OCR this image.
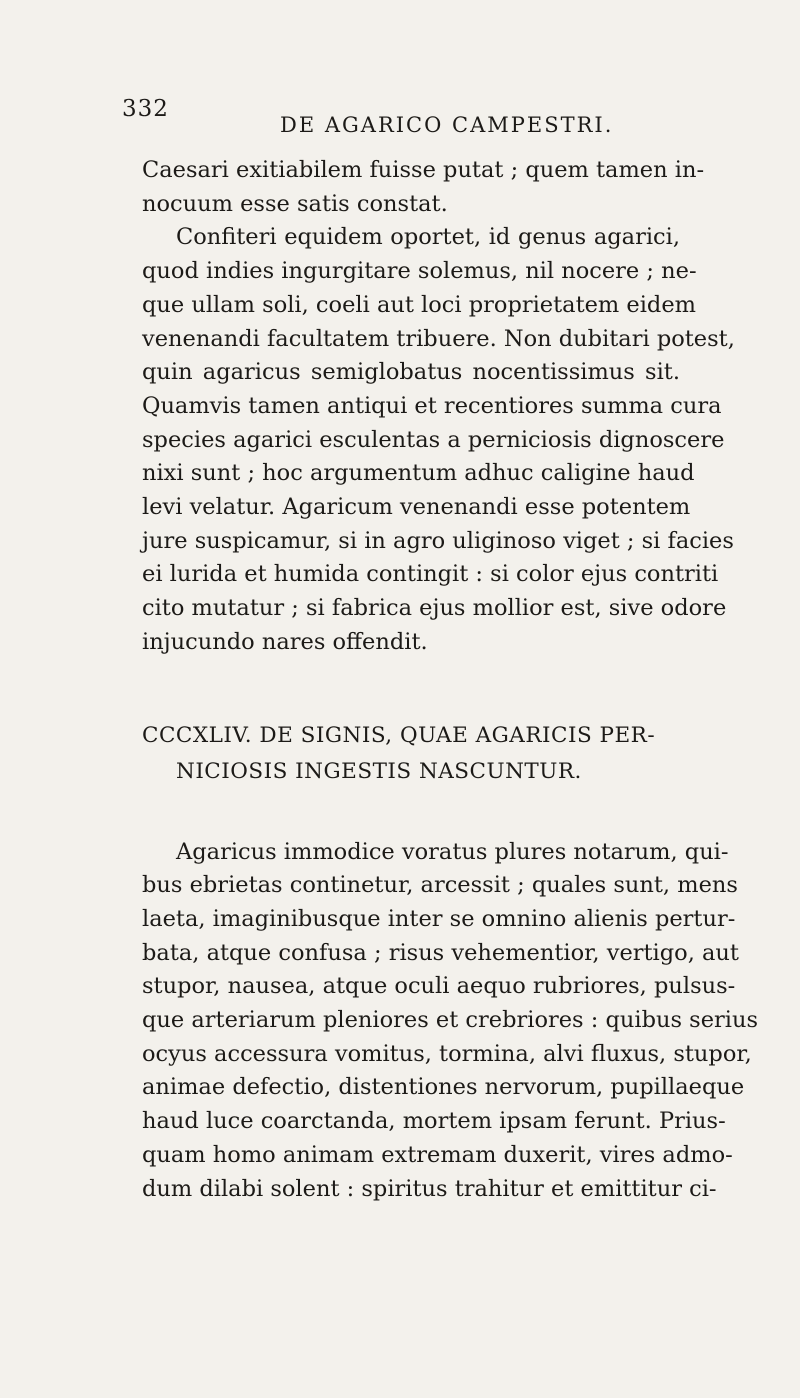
332
DE AGARICO CAMPESTRI.
Caesari exitiabilem fuisse putat ; quem tamen in-
nocuum esse satis constat.
Confiteri equidem oportet, id genus agarici,
quod indies ingurgitare solemus, nil nocere ; ne-
que ullam soli, coeli aut loci proprietatem eidem
venenandi facultatem tribuere. Non dubitari potest,
quin agaricus semiglobatus nocentissimus sit.
Quamvis tamen antiqui et recentiores summa cura
species agarici esculentas a perniciosis dignoscere
nixi sunt ; hoc argumentum adhuc caligine haud
levi velatur. Agaricum venenandi esse potentem
jure suspicamur, si in agro uliginoso viget ; si facies
ei lurida et humida contingit : si color ejus contriti
cito mutatur ; si fabrica ejus mollior est, sive odore
injucundo nares offendit.
CCCXLIV. DE SIGNIS, QUAE AGARICIS PER-
NICIOSIS INGESTIS NASCUNTUR.
Agaricus immodice voratus plures notarum, qui-
bus ebrietas continetur, arcessit ; quales sunt, mens
laeta, imaginibusque inter se omnino alienis pertur-
bata, atque confusa ; risus vehementior, vertigo, aut
stupor, nausea, atque oculi aequo rubriores, pulsus-
que arteriarum pleniores et crebriores : quibus serius
ocyus accessura vomitus, tormina, alvi fluxus, stupor,
animae defectio, distentiones nervorum, pupillaeque
haud luce coarctanda, mortem ipsam ferunt. Prius-
quam homo animam extremam duxerit, vires admo-
dum dilabi solent : spiritus trahitur et emittitur ci-
